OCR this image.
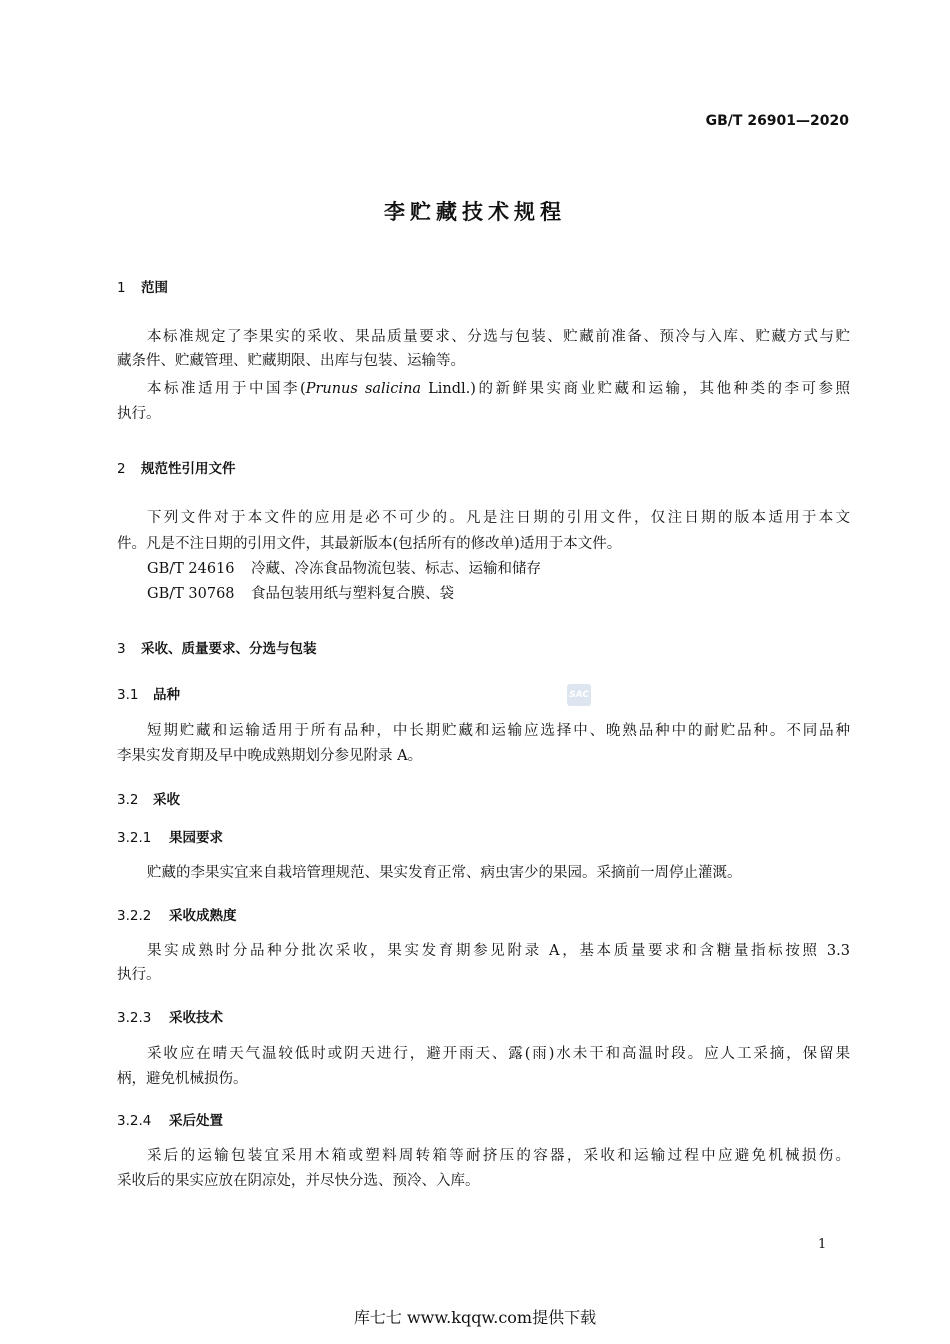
GB/T 26901—2020
李贮藏技术规程
1 范围
本标准规定了李果实的采收、果品质量要求、分选与包装、贮藏前准备、预冷与入库、贮藏方式与贮
藏条件、贮藏管理、贮藏期限、出库与包装、运输等。
本标准适用于中国李(Prunus salicina Lindl.)的新鲜果实商业贮藏和运输，其他种类的李可参照
执行。
2 规范性引用文件
下列文件对于本文件的应用是必不可少的。凡是注日期的引用文件，仅注日期的版本适用于本文
件。凡是不注日期的引用文件，其最新版本(包括所有的修改单)适用于本文件。
GB/T 24616 冷藏、冷冻食品物流包装、标志、运输和储存
GB/T 30768 食品包装用纸与塑料复合膜、袋
3 采收、质量要求、分选与包装
3.1 品种	SAC
短期贮藏和运输适用于所有品种，中长期贮藏和运输应选择中、晚熟品种中的耐贮品种。不同品种
李果实发育期及早中晚成熟期划分参见附录 A。
3.2 采收
3.2.1 果园要求
贮藏的李果实宜来自栽培管理规范、果实发育正常、病虫害少的果园。采摘前一周停止灌溉。
3.2.2 采收成熟度
果实成熟时分品种分批次采收，果实发育期参见附录 A，基本质量要求和含糖量指标按照 3.3
执行。
3.2.3 采收技术
采收应在晴天气温较低时或阴天进行，避开雨天、露(雨)水未干和高温时段。应人工采摘，保留果
柄，避免机械损伤。
3.2.4 采后处置
采后的运输包装宜采用木箱或塑料周转箱等耐挤压的容器，采收和运输过程中应避免机械损伤。
采收后的果实应放在阴凉处，并尽快分选、预冷、入库。
1
库七七 www.kqqw.com提供下载
